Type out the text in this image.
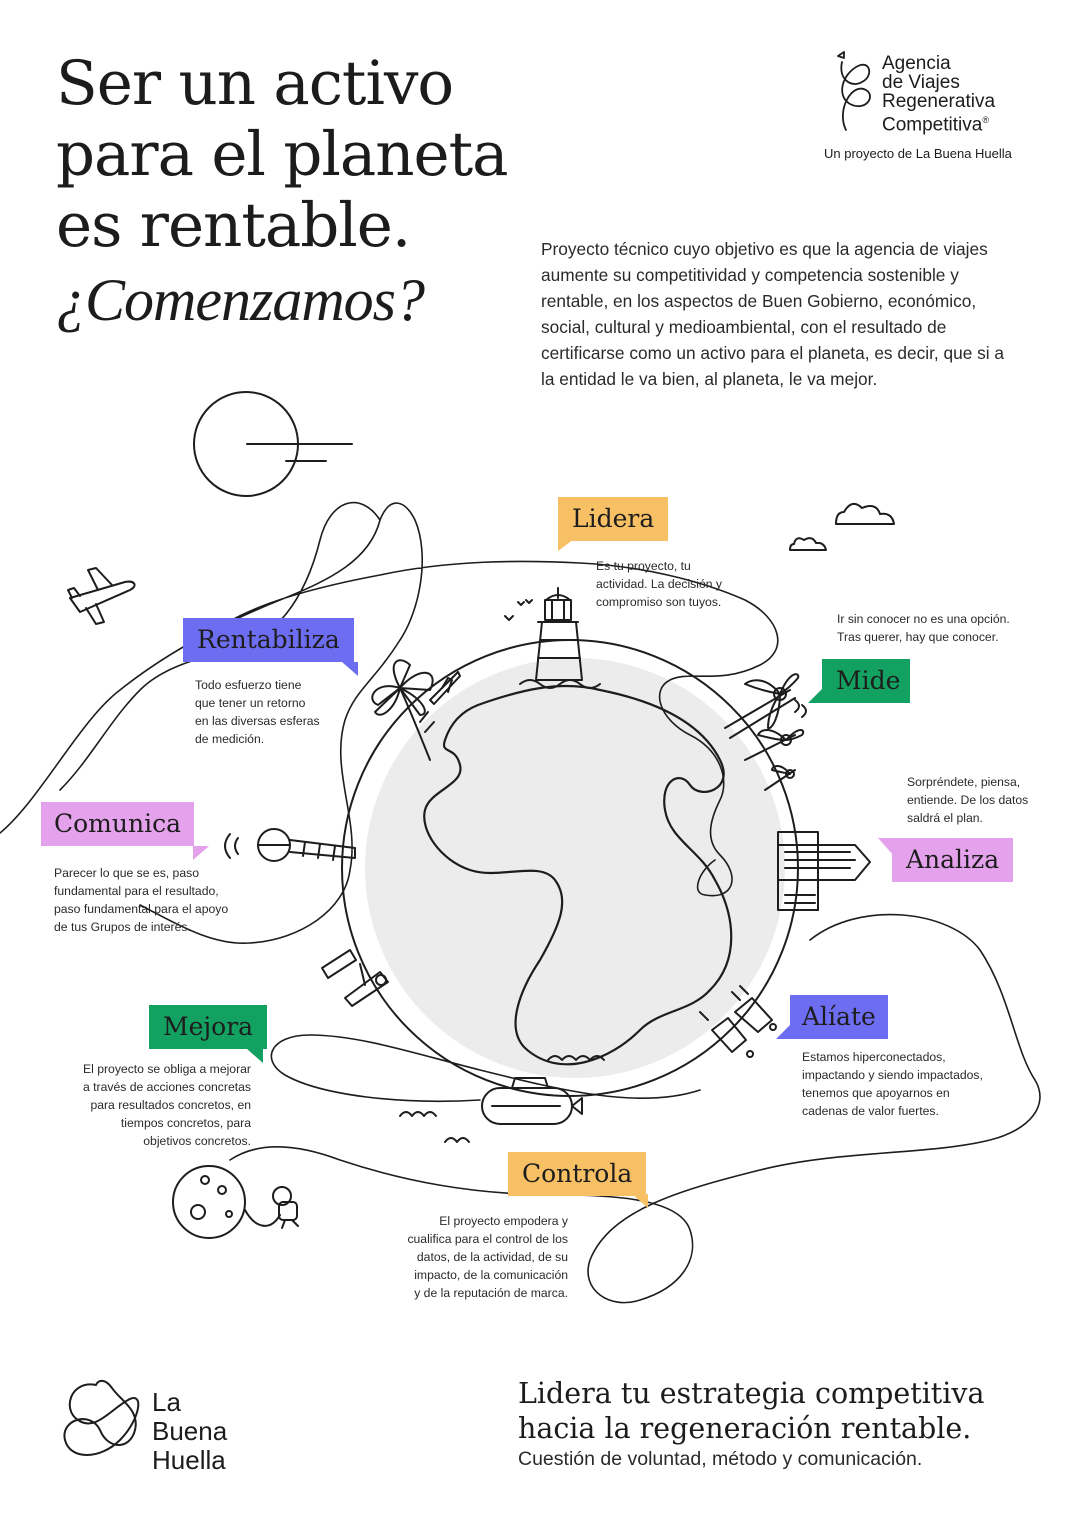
Ser un activo
para el planeta
es rentable.
¿Comenzamos?
Agencia
de Viajes
Regenerativa
Competitiva®
Un proyecto de La Buena Huella
Proyecto técnico cuyo objetivo es que la agencia de viajes aumente su competitividad y competencia sostenible y rentable, en los aspectos de Buen Gobierno, económico, social, cultural y medioambiental, con el resultado de certificarse como un activo para el planeta, es decir, que si a la entidad le va bien, al planeta, le va mejor.
Lidera
Es tu proyecto, tu
actividad. La decisión y
compromiso son tuyos.
Mide
Ir sin conocer no es una opción.
Tras querer, hay que conocer.
Analiza
Sorpréndete, piensa,
entiende. De los datos
saldrá el plan.
Alíate
Estamos hiperconectados,
impactando y siendo impactados,
tenemos que apoyarnos en
cadenas de valor fuertes.
Controla
El proyecto empodera y
cualifica para el control de los
datos, de la actividad, de su
impacto, de la comunicación
y de la reputación de marca.
Mejora
El proyecto se obliga a mejorar
a través de acciones concretas
para resultados concretos, en
tiempos concretos, para
objetivos concretos.
Comunica
Parecer lo que se es, paso
fundamental para el resultado,
paso fundamental para el apoyo
de tus Grupos de interés.
Rentabiliza
Todo esfuerzo tiene
que tener un retorno
en las diversas esferas
de medición.
La
Buena
Huella
Lidera tu estrategia competitiva
hacia la regeneración rentable.
Cuestión de voluntad, método y comunicación.
